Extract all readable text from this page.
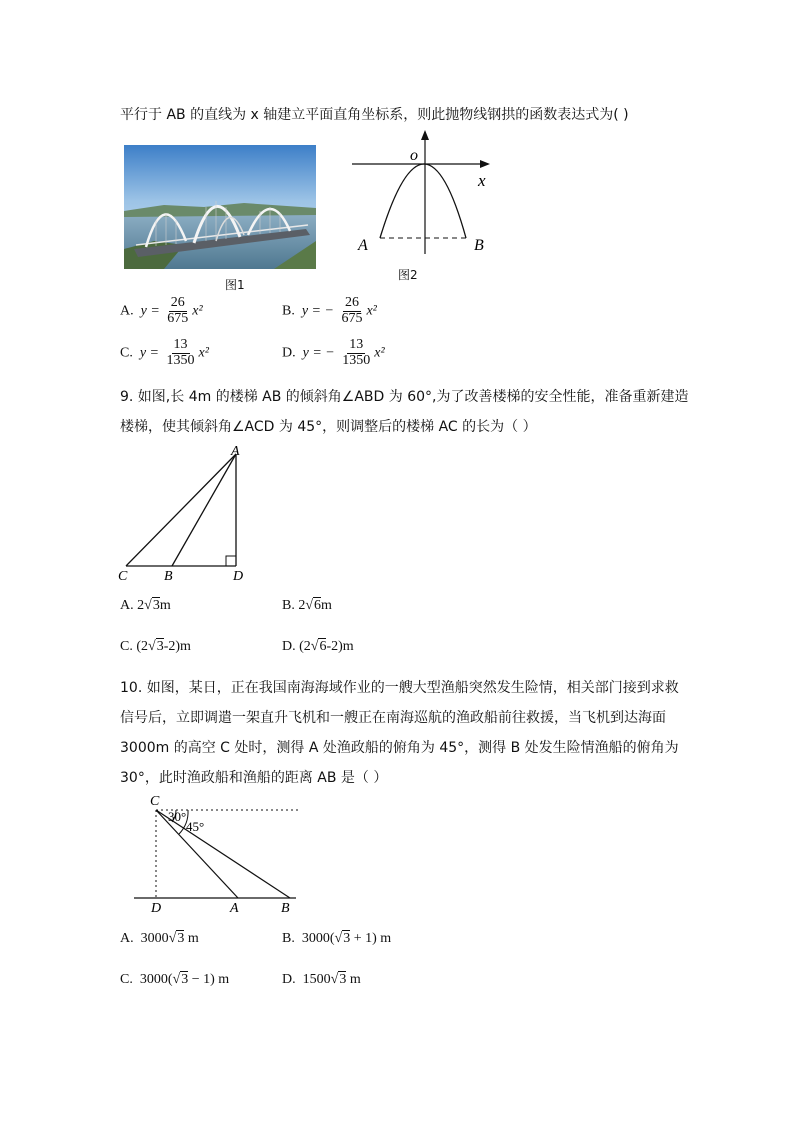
平行于 AB 的直线为 x 轴建立平面直角坐标系，则此抛物线钢拱的函数表达式为( )
图1
o
x
A	B
图2
A. $y = \frac{26}{675} x^2$	B. y = − $\frac{26}{675} x^2$
C. $y = \frac{13}{1350} x^2$	D. y = − $\frac{13}{1350} x^2$
9. 如图,长 4m 的楼梯 AB 的倾斜角∠ABD 为 60°,为了改善楼梯的安全性能，准备重新建造
楼梯，使其倾斜角∠ACD 为 45°，则调整后的楼梯 AC 的长为（ ）
A
B
C	D
A. 2√3m	B. 2√6m
C. (2√3-2)m	D. (2√6-2)m
10. 如图，某日，正在我国南海海域作业的一艘大型渔船突然发生险情，相关部门接到求救
信号后，立即调遣一架直升飞机和一艘正在南海巡航的渔政船前往救援，当飞机到达海面
3000m 的高空 C 处时，测得 A 处渔政船的俯角为 45°，测得 B 处发生险情渔船的俯角为
30°，此时渔政船和渔船的距离 AB 是（ ）
C
30°
45°
D	A	B
A. 3000√3 m	B. 3000(√3 + 1) m
C. 3000(√3 − 1) m	D. 1500√3 m
